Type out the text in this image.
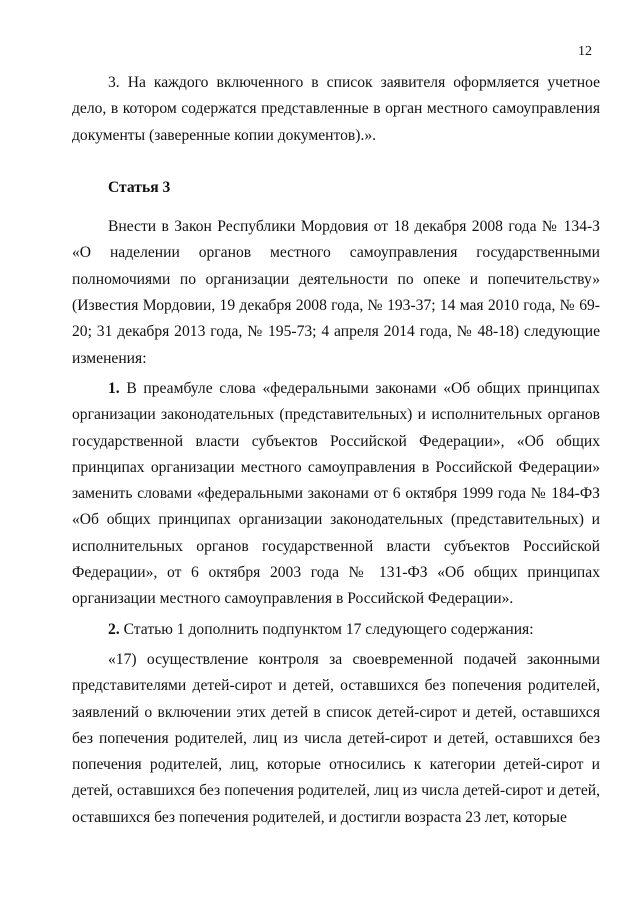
12

3. На каждого включенного в список заявителя оформляется учетное дело, в котором содержатся представленные в орган местного самоуправления документы (заверенные копии документов).».

Статья 3

Внести в Закон Республики Мордовия от 18 декабря 2008 года № 134-З «О наделении органов местного самоуправления государственными полномочиями по организации деятельности по опеке и попечительству» (Известия Мордовии, 19 декабря 2008 года, № 193-37; 14 мая 2010 года, № 69-20; 31 декабря 2013 года, № 195-73; 4 апреля 2014 года, № 48-18) следующие изменения:

1. В преамбуле слова «федеральными законами «Об общих принципах организации законодательных (представительных) и исполнительных органов государственной власти субъектов Российской Федерации», «Об общих принципах организации местного самоуправления в Российской Федерации» заменить словами «федеральными законами от 6 октября 1999 года № 184-ФЗ «Об общих принципах организации законодательных (представительных) и исполнительных органов государственной власти субъектов Российской Федерации», от 6 октября 2003 года № 131-ФЗ «Об общих принципах организации местного самоуправления в Российской Федерации».

2. Статью 1 дополнить подпунктом 17 следующего содержания:

«17) осуществление контроля за своевременной подачей законными представителями детей-сирот и детей, оставшихся без попечения родителей, заявлений о включении этих детей в список детей-сирот и детей, оставшихся без попечения родителей, лиц из числа детей-сирот и детей, оставшихся без попечения родителей, лиц, которые относились к категории детей-сирот и детей, оставшихся без попечения родителей, лиц из числа детей-сирот и детей, оставшихся без попечения родителей, и достигли возраста 23 лет, которые
